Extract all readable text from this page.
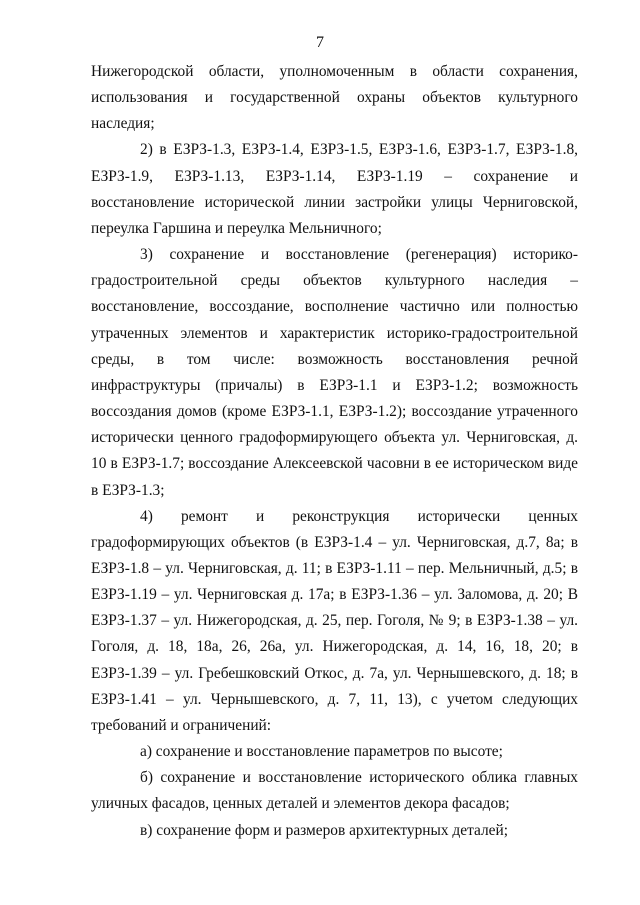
7

Нижегородской области, уполномоченным в области сохранения, использования и государственной охраны объектов культурного наследия;

2) в ЕЗРЗ-1.3, ЕЗРЗ-1.4, ЕЗРЗ-1.5, ЕЗРЗ-1.6, ЕЗРЗ-1.7, ЕЗРЗ-1.8, ЕЗРЗ-1.9, ЕЗРЗ-1.13, ЕЗРЗ-1.14, ЕЗРЗ-1.19 – сохранение и восстановление исторической линии застройки улицы Черниговской, переулка Гаршина и переулка Мельничного;

3) сохранение и восстановление (регенерация) историко-градостроительной среды объектов культурного наследия – восстановление, воссоздание, восполнение частично или полностью утраченных элементов и характеристик историко-градостроительной среды, в том числе: возможность восстановления речной инфраструктуры (причалы) в ЕЗРЗ-1.1 и ЕЗРЗ-1.2; возможность воссоздания домов (кроме ЕЗРЗ-1.1, ЕЗРЗ-1.2); воссоздание утраченного исторически ценного градоформирующего объекта ул. Черниговская, д. 10 в ЕЗРЗ-1.7; воссоздание Алексеевской часовни в ее историческом виде в ЕЗРЗ-1.3;

4) ремонт и реконструкция исторически ценных градоформирующих объектов (в ЕЗРЗ-1.4 – ул. Черниговская, д.7, 8а; в ЕЗРЗ-1.8 – ул. Черниговская, д. 11; в ЕЗРЗ-1.11 – пер. Мельничный, д.5; в ЕЗРЗ-1.19 – ул. Черниговская д. 17а; в ЕЗРЗ-1.36 – ул. Заломова, д. 20; В ЕЗРЗ-1.37 – ул. Нижегородская, д. 25, пер. Гоголя, № 9; в ЕЗРЗ-1.38 – ул. Гоголя, д. 18, 18а, 26, 26а, ул. Нижегородская, д. 14, 16, 18, 20; в ЕЗРЗ-1.39 – ул. Гребешковский Откос, д. 7а, ул. Чернышевского, д. 18; в ЕЗРЗ-1.41 – ул. Чернышевского, д. 7, 11, 13), с учетом следующих требований и ограничений:

а) сохранение и восстановление параметров по высоте;

б) сохранение и восстановление исторического облика главных уличных фасадов, ценных деталей и элементов декора фасадов;

в) сохранение форм и размеров архитектурных деталей;
